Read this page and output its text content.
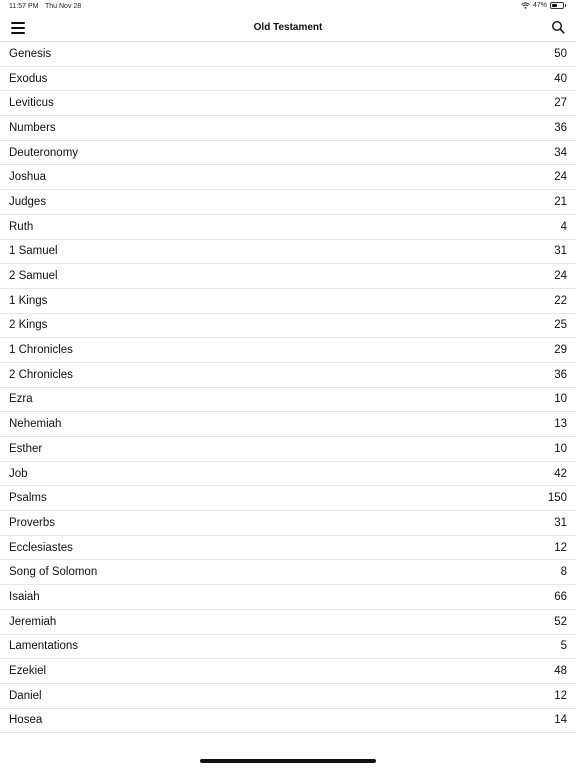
11:57 PM Thu Nov 28	47%
Old Testament
Genesis	50
Exodus	40
Leviticus	27
Numbers	36
Deuteronomy	34
Joshua	24
Judges	21
Ruth	4
1 Samuel	31
2 Samuel	24
1 Kings	22
2 Kings	25
1 Chronicles	29
2 Chronicles	36
Ezra	10
Nehemiah	13
Esther	10
Job	42
Psalms	150
Proverbs	31
Ecclesiastes	12
Song of Solomon	8
Isaiah	66
Jeremiah	52
Lamentations	5
Ezekiel	48
Daniel	12
Hosea	14
